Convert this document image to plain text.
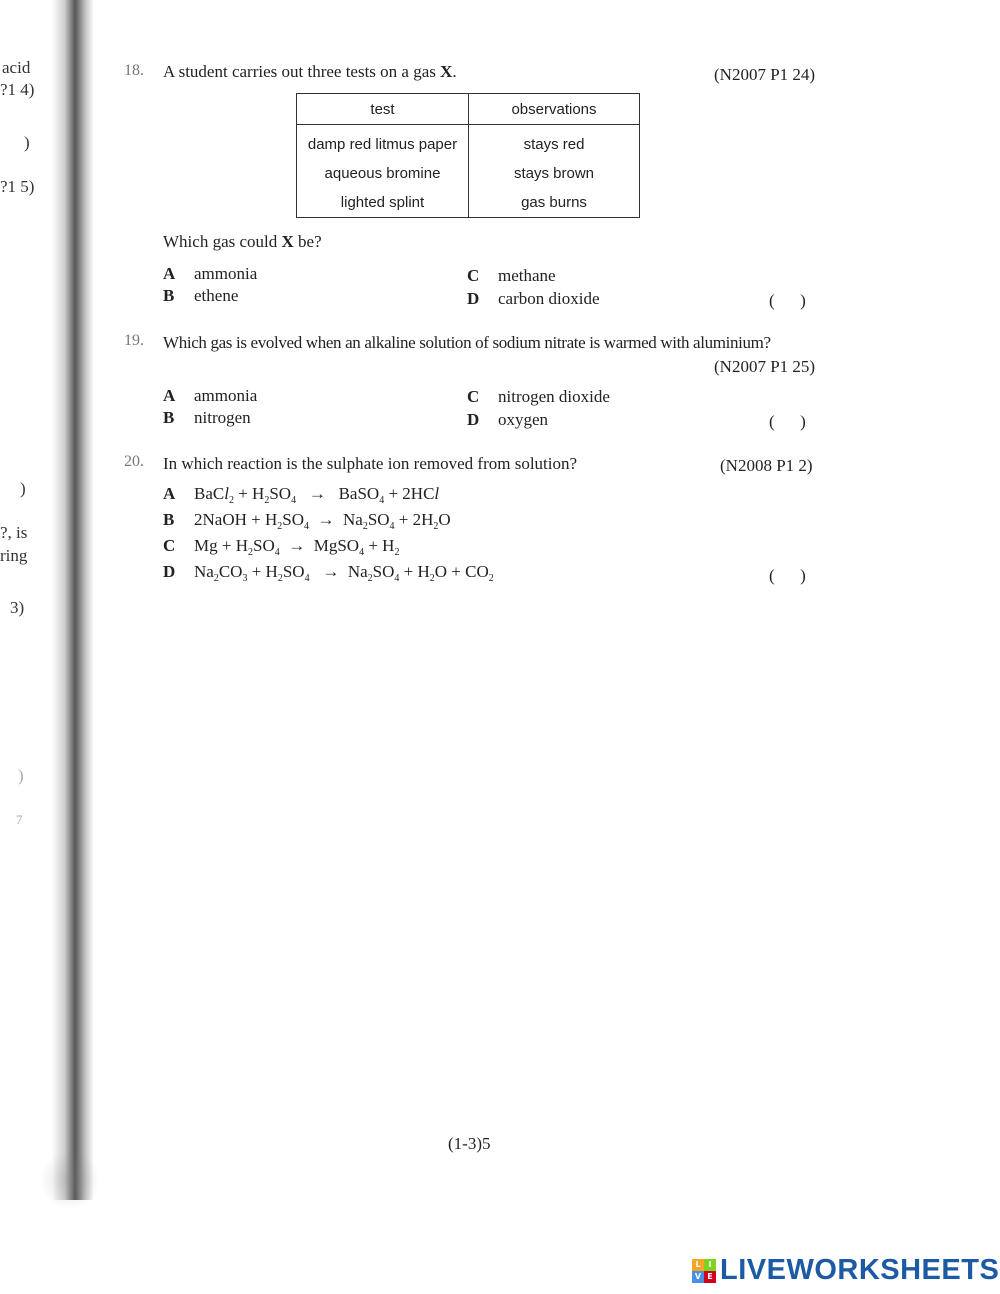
acid
?1 4)
)
?1 5)
)
?, is
ring
3)
)
7
18. A student carries out three tests on a gas X.	(N2007 P1 24)
test	observations
damp red litmus paper	stays red
aqueous bromine	stays brown
lighted splint	gas burns
Which gas could X be?
A ammonia
B ethene
C methane
D carbon dioxide	(      )
19. Which gas is evolved when an alkaline solution of sodium nitrate is warmed with aluminium?
(N2007 P1 25)
A ammonia
B nitrogen
C nitrogen dioxide
D oxygen	(      )
20. In which reaction is the sulphate ion removed from solution?	(N2008 P1 2)
A BaCl$_2$ + $H_2SO_4$   →   BaSO$_4$ + 2HCl
B 2NaOH + $H_2SO_4 \to Na_2SO_4 + 2H_2O$
C $Mg + H_2SO_4$  →  MgSO$_4$ + $H_2$
D $Na_2CO_3 + H_2SO_4 \to Na_2SO_4 + H_2O + CO_2$	(      )
(1-3)5
L I
V E LIVEWORKSHEETS
